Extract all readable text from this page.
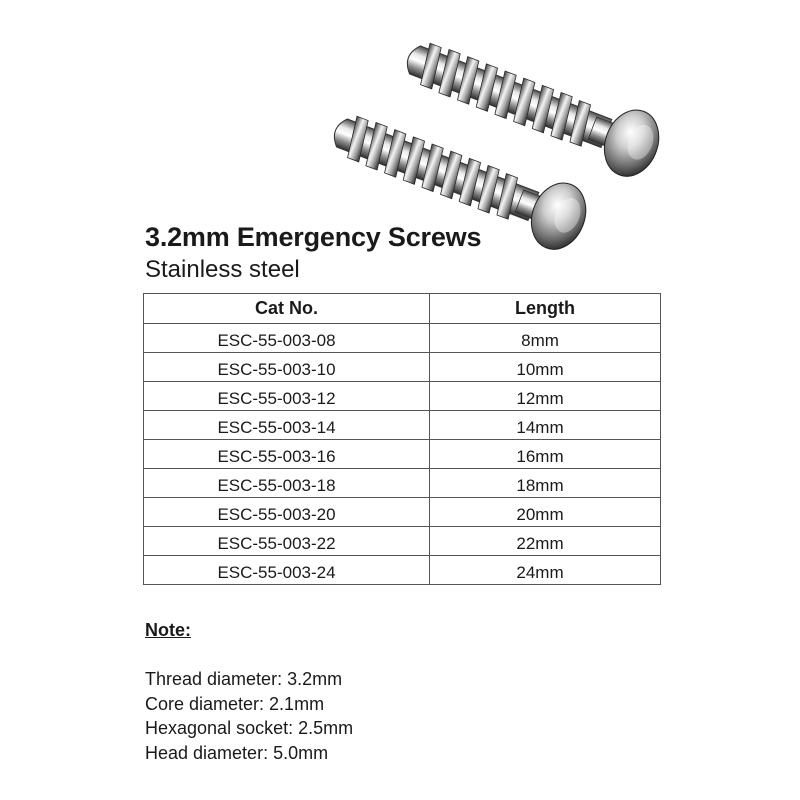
3.2mm Emergency Screws
Stainless steel
Cat No.	Length
ESC-55-003-08	8mm
ESC-55-003-10	10mm
ESC-55-003-12	12mm
ESC-55-003-14	14mm
ESC-55-003-16	16mm
ESC-55-003-18	18mm
ESC-55-003-20	20mm
ESC-55-003-22	22mm
ESC-55-003-24	24mm

Note:

Thread diameter: 3.2mm
Core diameter: 2.1mm
Hexagonal socket: 2.5mm
Head diameter: 5.0mm
